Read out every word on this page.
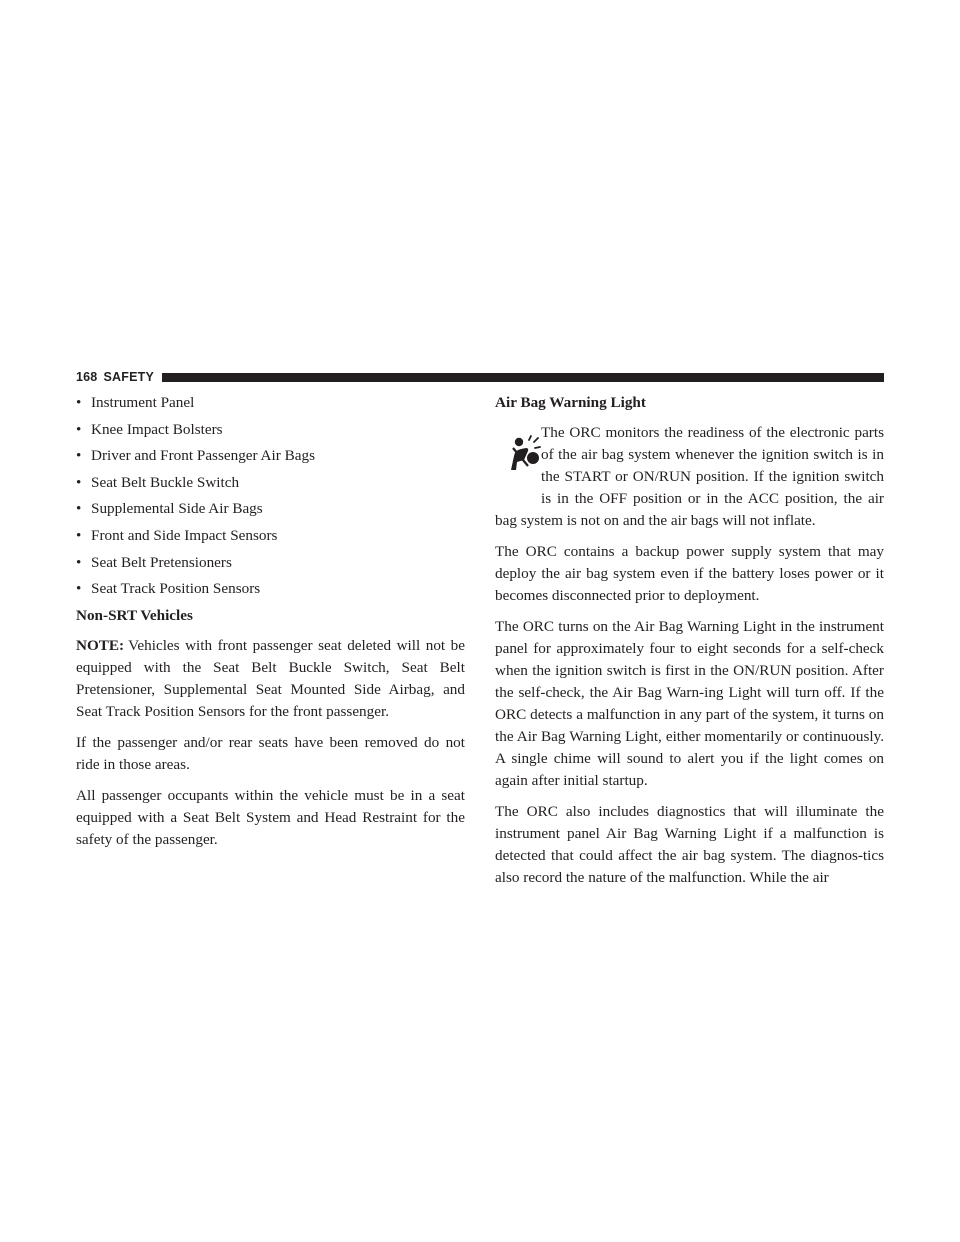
168 SAFETY
• Instrument Panel
• Knee Impact Bolsters
• Driver and Front Passenger Air Bags
• Seat Belt Buckle Switch
• Supplemental Side Air Bags
• Front and Side Impact Sensors
• Seat Belt Pretensioners
• Seat Track Position Sensors
Non-SRT Vehicles

NOTE: Vehicles with front passenger seat deleted will not be equipped with the Seat Belt Buckle Switch, Seat Belt Pretensioner, Supplemental Seat Mounted Side Airbag, and Seat Track Position Sensors for the front passenger.

If the passenger and/or rear seats have been removed do not ride in those areas.

All passenger occupants within the vehicle must be in a seat equipped with a Seat Belt System and Head Restraint for the safety of the passenger.

Air Bag Warning Light

The ORC monitors the readiness of the electronic parts of the air bag system whenever the ignition switch is in the START or ON/RUN position. If the ignition switch is in the OFF position or in the ACC position, the air bag system is not on and the air bags will not inflate.

The ORC contains a backup power supply system that may deploy the air bag system even if the battery loses power or it becomes disconnected prior to deployment.

The ORC turns on the Air Bag Warning Light in the instrument panel for approximately four to eight seconds for a self-check when the ignition switch is first in the ON/RUN position. After the self-check, the Air Bag Warn-ing Light will turn off. If the ORC detects a malfunction in any part of the system, it turns on the Air Bag Warning Light, either momentarily or continuously. A single chime will sound to alert you if the light comes on again after initial startup.

The ORC also includes diagnostics that will illuminate the instrument panel Air Bag Warning Light if a malfunction is detected that could affect the air bag system. The diagnos-tics also record the nature of the malfunction. While the air
